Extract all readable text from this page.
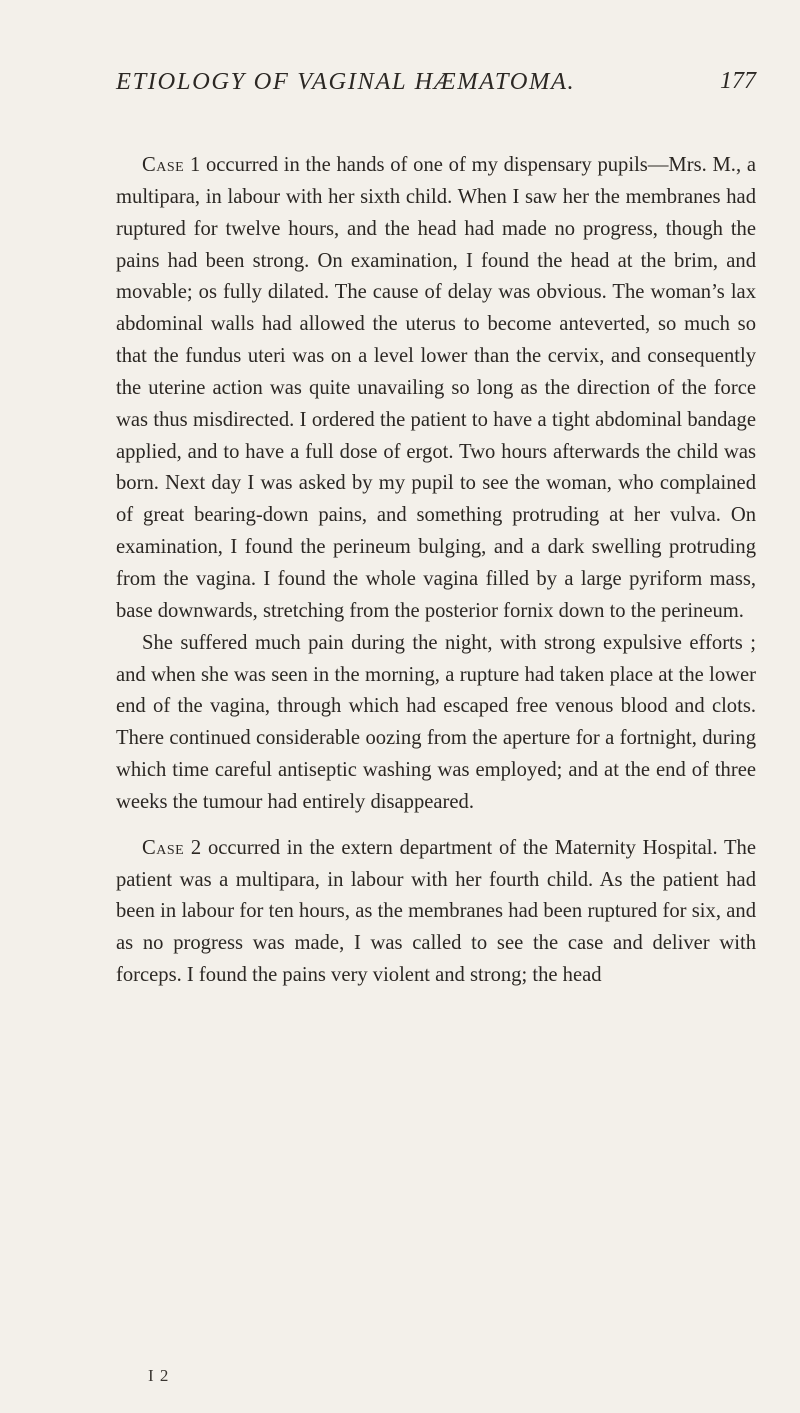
ETIOLOGY OF VAGINAL HÆMATOMA.	177

Case 1 occurred in the hands of one of my dispensary pupils—Mrs. M., a multipara, in labour with her sixth child. When I saw her the membranes had ruptured for twelve hours, and the head had made no progress, though the pains had been strong. On examination, I found the head at the brim, and movable; os fully dilated. The cause of delay was obvious. The woman’s lax abdominal walls had allowed the uterus to become anteverted, so much so that the fundus uteri was on a level lower than the cervix, and consequently the uterine action was quite unavailing so long as the direction of the force was thus misdirected. I ordered the patient to have a tight abdominal bandage applied, and to have a full dose of ergot. Two hours afterwards the child was born. Next day I was asked by my pupil to see the woman, who complained of great bearing-down pains, and something protruding at her vulva. On examination, I found the perineum bulging, and a dark swelling protruding from the vagina. I found the whole vagina filled by a large pyriform mass, base downwards, stretching from the posterior fornix down to the perineum.

She suffered much pain during the night, with strong expulsive efforts ; and when she was seen in the morning, a rupture had taken place at the lower end of the vagina, through which had escaped free venous blood and clots. There continued considerable oozing from the aperture for a fortnight, during which time careful antiseptic washing was employed; and at the end of three weeks the tumour had entirely disappeared.

Case 2 occurred in the extern department of the Maternity Hospital. The patient was a multipara, in labour with her fourth child. As the patient had been in labour for ten hours, as the membranes had been ruptured for six, and as no progress was made, I was called to see the case and deliver with forceps. I found the pains very violent and strong; the head

I 2
